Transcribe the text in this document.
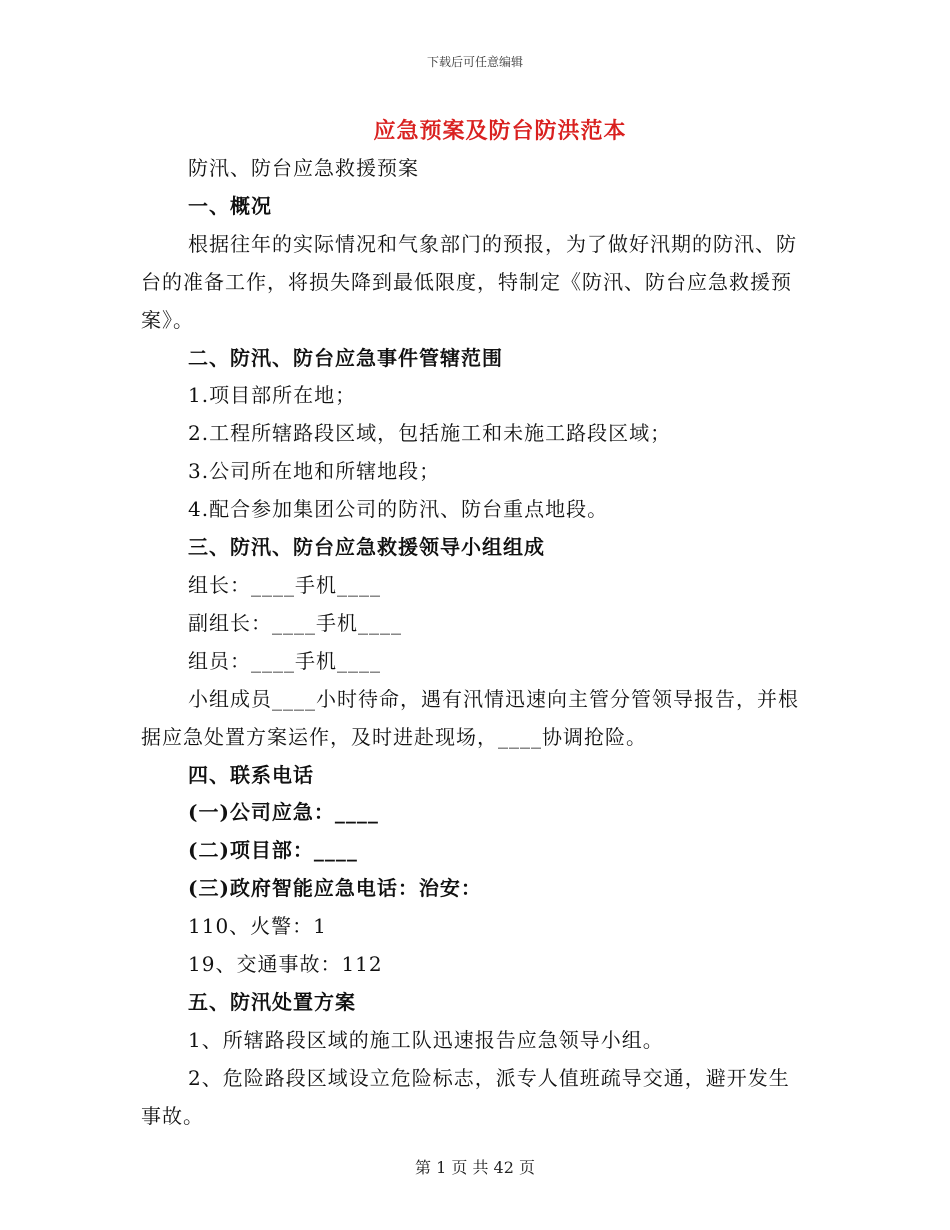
下载后可任意编辑
应急预案及防台防洪范本

防汛、防台应急救援预案

一、概况

根据往年的实际情况和气象部门的预报，为了做好汛期的防汛、防台的准备工作，将损失降到最低限度，特制定《防汛、防台应急救援预案》。

二、防汛、防台应急事件管辖范围

1.项目部所在地；

2.工程所辖路段区域，包括施工和未施工路段区域；

3.公司所在地和所辖地段；

4.配合参加集团公司的防汛、防台重点地段。

三、防汛、防台应急救援领导小组组成

组长：____手机____

副组长：____手机____

组员：____手机____

小组成员____小时待命，遇有汛情迅速向主管分管领导报告，并根据应急处置方案运作，及时进赴现场，____协调抢险。

四、联系电话

(一)公司应急：____

(二)项目部：____

(三)政府智能应急电话：治安：

110、火警：1

19、交通事故：112

五、防汛处置方案

1、所辖路段区域的施工队迅速报告应急领导小组。

2、危险路段区域设立危险标志，派专人值班疏导交通，避开发生事故。

第 1 页 共 42 页
